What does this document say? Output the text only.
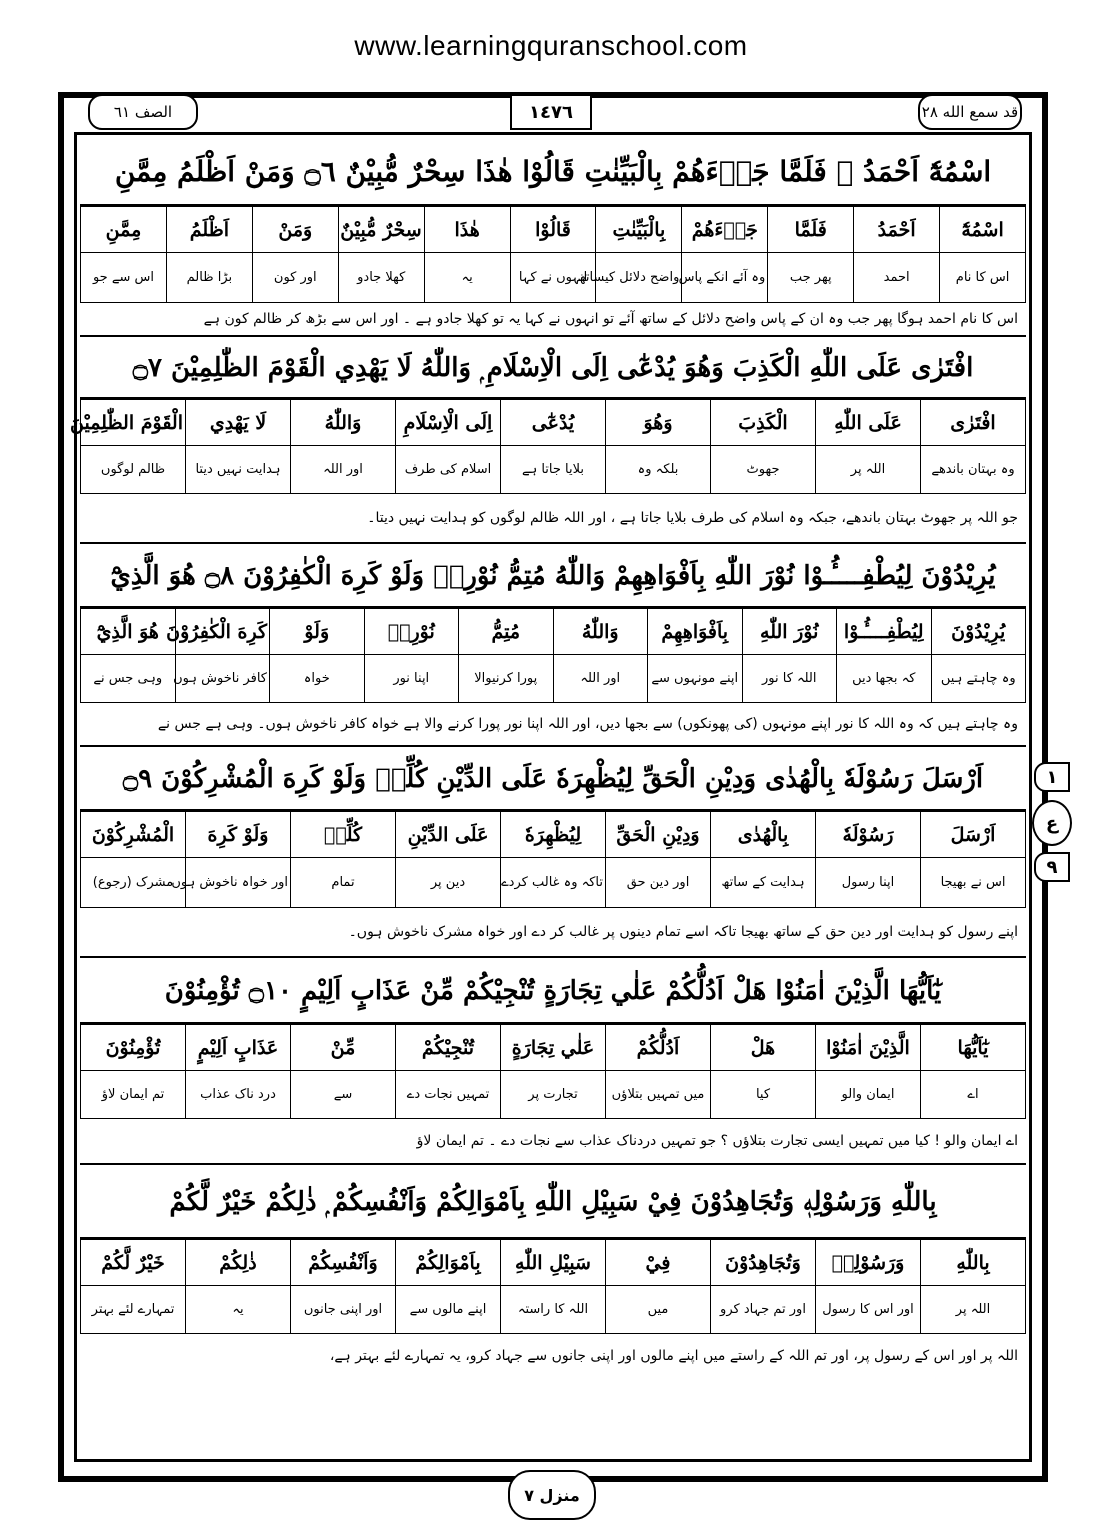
www.learningquranschool.com
الصف ٦١	١٤٧٦	قد سمع الله ٢٨
اسْمُهٗٓ اَحْمَدُ ۭ فَلَمَّا جَاۗءَهُمْ بِالْبَيِّنٰتِ قَالُوْا هٰذَا سِحْرٌ مُّبِيْنٌ ۝٦ وَمَنْ اَظْلَمُ مِمَّنِ
اسْمُهٗٓ	اَحْمَدُ	فَلَمَّا	جَاۗءَهُمْ	بِالْبَيِّنٰتِ	قَالُوْا	هٰذَا	سِحْرٌ مُّبِيْنٌ	وَمَنْ	اَظْلَمُ	مِمَّنِ
اس کا نام	احمد	پھر جب	وہ آئے انکے پاس	واضح دلائل کیساتھ	انہوں نے کہا	یہ	کھلا جادو	اور کون	بڑا ظالم	اس سے جو
اس کا نام احمد ہوگا پھر جب وہ ان کے پاس واضح دلائل کے ساتھ آئے تو انہوں نے کہا یہ تو کھلا جادو ہے ۔ اور اس سے بڑھ کر ظالم کون ہے
افْتَرٰى عَلَى اللّٰهِ الْكَذِبَ وَهُوَ يُدْعٰٓى اِلَى الْاِسْلَامِ ۭ وَاللّٰهُ لَا يَهْدِي الْقَوْمَ الظّٰلِمِيْنَ ۝٧
افْتَرٰى	عَلَى اللّٰهِ	الْكَذِبَ	وَهُوَ	يُدْعٰٓى	اِلَى الْاِسْلَامِ	وَاللّٰهُ	لَا يَهْدِي	الْقَوْمَ الظّٰلِمِيْنَ
وہ بہتان باندھے	اللہ پر	جھوٹ	بلکہ وہ	بلایا جاتا ہے	اسلام کی طرف	اور اللہ	ہدایت نہیں دیتا	ظالم لوگوں
جو اللہ پر جھوٹ بہتان باندھے، جبکہ وہ اسلام کی طرف بلایا جاتا ہے ، اور اللہ ظالم لوگوں کو ہدایت نہیں دیتا۔
يُرِيْدُوْنَ لِيُطْفِــــُٔـوْا نُوْرَ اللّٰهِ بِاَفْوَاهِهِمْ وَاللّٰهُ مُتِمُّ نُوْرِهٖ وَلَوْ كَرِهَ الْكٰفِرُوْنَ ۝٨ هُوَ الَّذِيْٓ
يُرِيْدُوْنَ	لِيُطْفِــــُٔـوْا	نُوْرَ اللّٰهِ	بِاَفْوَاهِهِمْ	وَاللّٰهُ	مُتِمُّ	نُوْرِهٖ	وَلَوْ	كَرِهَ الْكٰفِرُوْنَ	هُوَ الَّذِيْٓ
وہ چاہتے ہیں	کہ بجھا دیں	اللہ کا نور	اپنے مونہوں سے	اور اللہ	پورا کرنیوالا	اپنا نور	خواہ	کافر ناخوش ہوں	وہی جس نے
وہ چاہتے ہیں کہ وہ اللہ کا نور اپنے مونہوں (کی پھونکوں) سے بجھا دیں، اور اللہ اپنا نور پورا کرنے والا ہے خواہ کافر ناخوش ہوں۔ وہی ہے جس نے
اَرْسَلَ رَسُوْلَهٗ بِالْهُدٰى وَدِيْنِ الْحَقِّ لِيُظْهِرَهٗ عَلَى الدِّيْنِ كُلِّهٖ وَلَوْ كَرِهَ الْمُشْرِكُوْنَ ۝٩
اَرْسَلَ	رَسُوْلَهٗ	بِالْهُدٰى	وَدِيْنِ الْحَقِّ	لِيُظْهِرَهٗ	عَلَى الدِّيْنِ	كُلِّهٖ	وَلَوْ كَرِهَ	الْمُشْرِكُوْنَ
اس نے بھیجا	اپنا رسول	ہدایت کے ساتھ	اور دین حق	تاکہ وہ غالب کردے	دین پر	تمام	اور خواہ ناخوش ہوں	مشرک (رجوع)
اپنے رسول کو ہدایت اور دین حق کے ساتھ بھیجا تاکہ اسے تمام دینوں پر غالب کر دے اور خواہ مشرک ناخوش ہوں۔
يٰٓاَيُّهَا الَّذِيْنَ اٰمَنُوْا هَلْ اَدُلُّكُمْ عَلٰي تِجَارَةٍ تُنْجِيْكُمْ مِّنْ عَذَابٍ اَلِيْمٍ ۝١٠ تُؤْمِنُوْنَ
يٰٓاَيُّهَا	الَّذِيْنَ اٰمَنُوْا	هَلْ	اَدُلُّكُمْ	عَلٰي تِجَارَةٍ	تُنْجِيْكُمْ	مِّنْ	عَذَابٍ اَلِيْمٍ	تُؤْمِنُوْنَ
اے	ایمان والو	کیا	میں تمہیں بتلاؤں	تجارت پر	تمہیں نجات دے	سے	درد ناک عذاب	تم ایمان لاؤ
اے ایمان والو ! کیا میں تمہیں ایسی تجارت بتلاؤں ؟ جو تمہیں دردناک عذاب سے نجات دے ۔ تم ایمان لاؤ
بِاللّٰهِ وَرَسُوْلِهٖ وَتُجَاهِدُوْنَ فِيْ سَبِيْلِ اللّٰهِ بِاَمْوَالِكُمْ وَاَنْفُسِكُمْ ۭ ذٰلِكُمْ خَيْرٌ لَّكُمْ
بِاللّٰهِ	وَرَسُوْلِهٖ	وَتُجَاهِدُوْنَ	فِيْ	سَبِيْلِ اللّٰهِ	بِاَمْوَالِكُمْ	وَاَنْفُسِكُمْ	ذٰلِكُمْ	خَيْرٌ لَّكُمْ
اللہ پر	اور اس کا رسول	اور تم جہاد کرو	میں	اللہ کا راستہ	اپنے مالوں سے	اور اپنی جانوں	یہ	تمہارے لئے بہتر
اللہ پر اور اس کے رسول پر، اور تم اللہ کے راستے میں اپنے مالوں اور اپنی جانوں سے جہاد کرو، یہ تمہارے لئے بہتر ہے،
١
ع
٩
منزل ٧
